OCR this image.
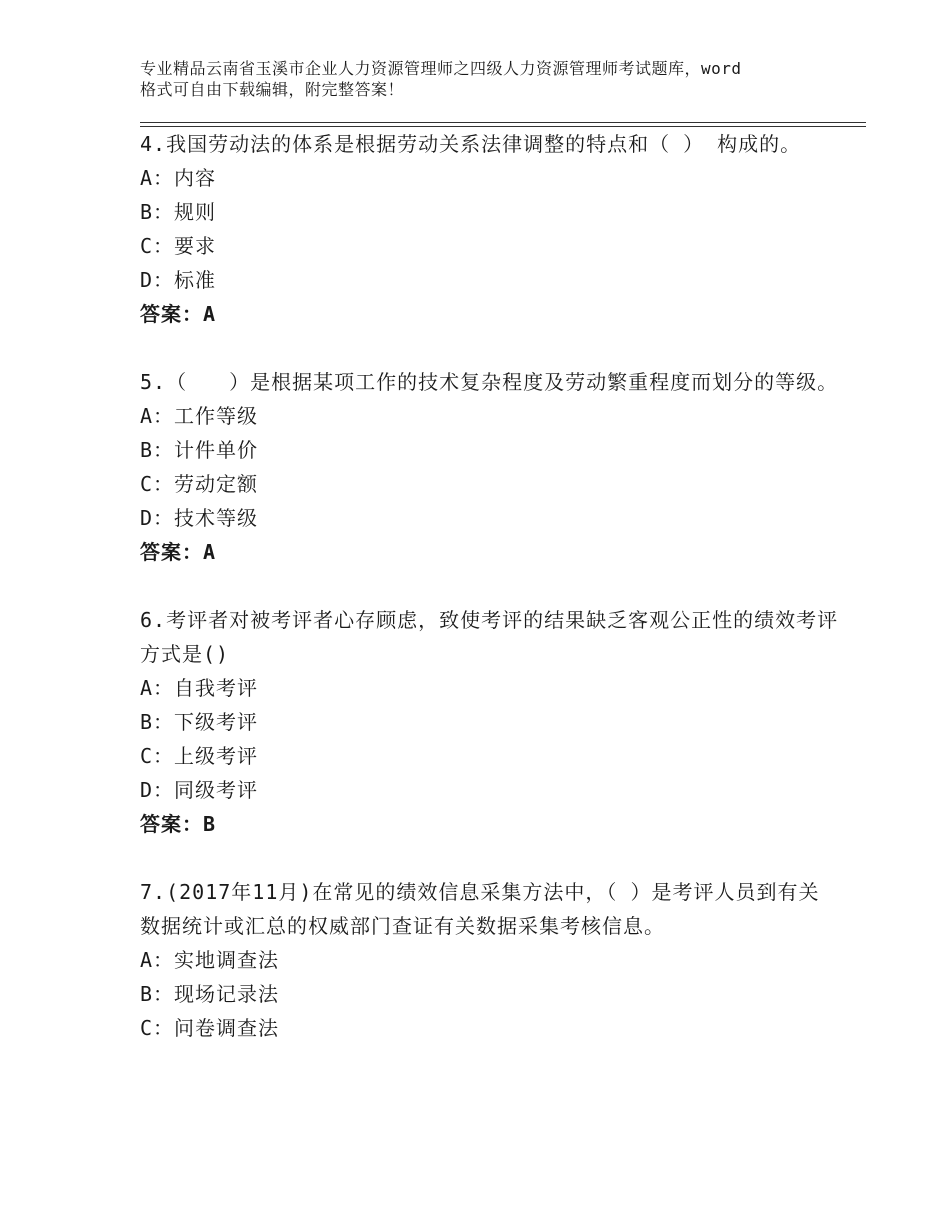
专业精品云南省玉溪市企业人力资源管理师之四级人力资源管理师考试题库，word
格式可自由下载编辑，附完整答案！

4.我国劳动法的体系是根据劳动关系法律调整的特点和（ ） 构成的。

A：内容
B：规则
C：要求
D：标准
答案：A

5.（　　）是根据某项工作的技术复杂程度及劳动繁重程度而划分的等级。

A：工作等级
B：计件单价
C：劳动定额
D：技术等级
答案：A

6.考评者对被考评者心存顾虑，致使考评的结果缺乏客观公正性的绩效考评方式是()

A：自我考评
B：下级考评
C：上级考评
D：同级考评
答案：B

7.(2017年11月)在常见的绩效信息采集方法中，（ ）是考评人员到有关数据统计或汇总的权威部门查证有关数据采集考核信息。

A：实地调查法
B：现场记录法
C：问卷调查法
